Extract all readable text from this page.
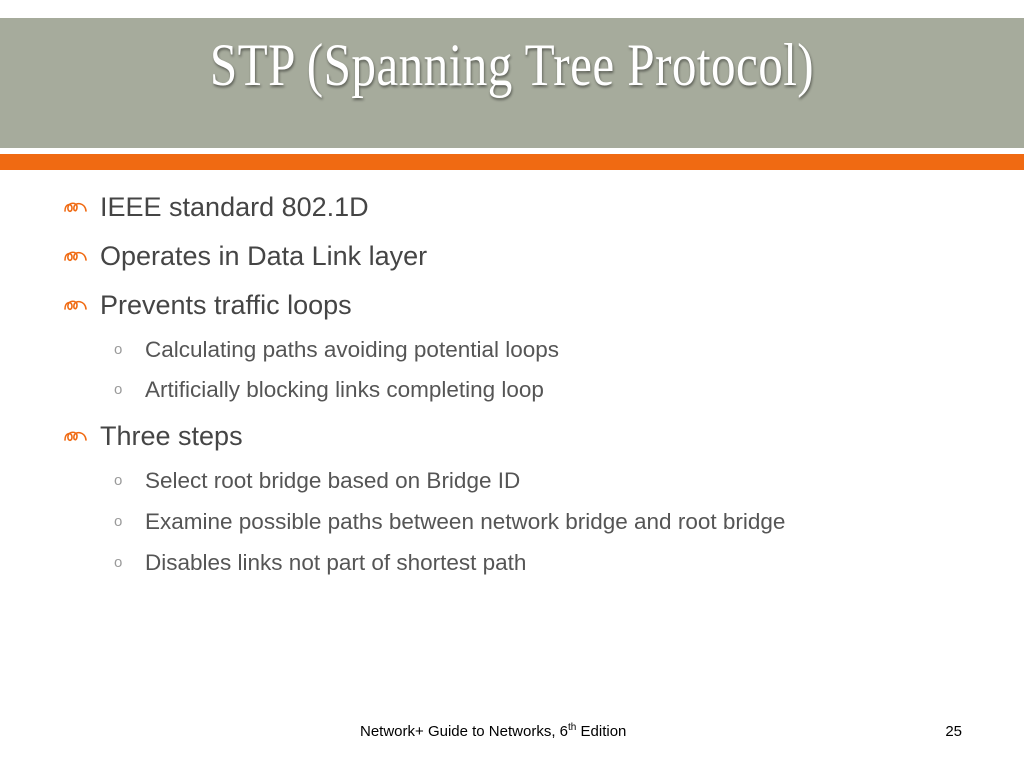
STP (Spanning Tree Protocol)
IEEE standard 802.1D
Operates in Data Link layer
Prevents traffic loops
o Calculating paths avoiding potential loops
o Artificially blocking links completing loop
Three steps
o Select root bridge based on Bridge ID
o Examine possible paths between network bridge and root bridge
o Disables links not part of shortest path
Network+ Guide to Networks, 6th Edition	25
